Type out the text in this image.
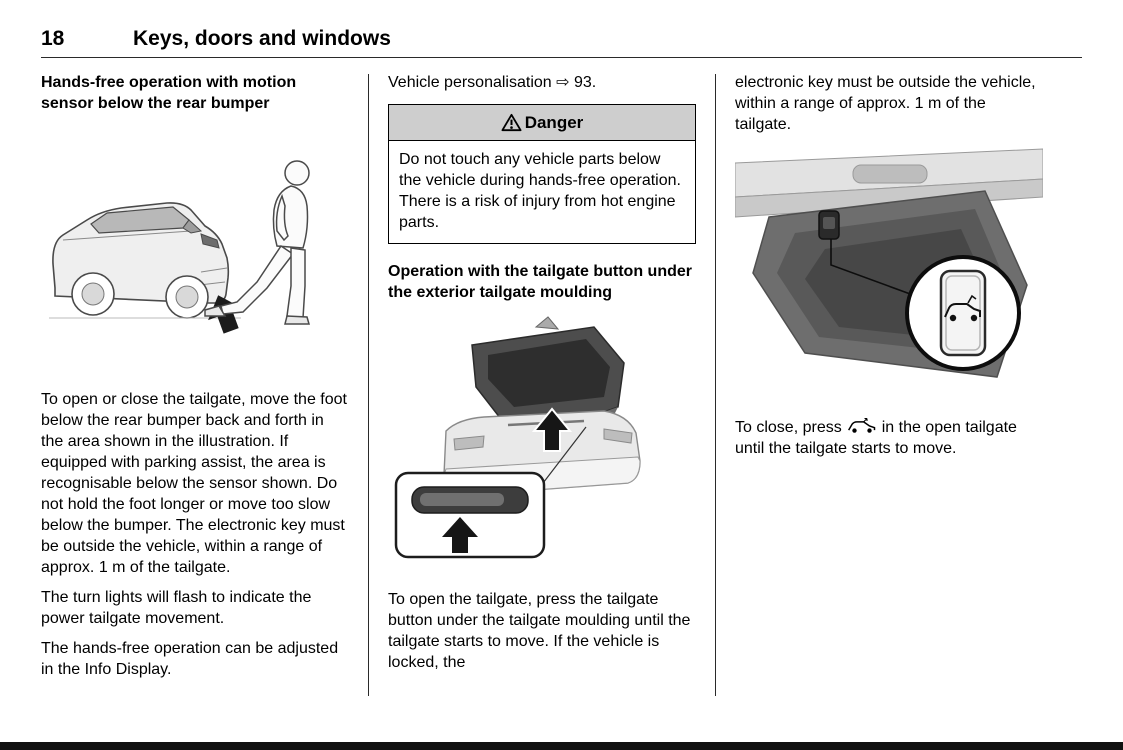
18	Keys, doors and windows
Hands-free operation with motion sensor below the rear bumper

To open or close the tailgate, move the foot below the rear bumper back and forth in the area shown in the illustration. If equipped with parking assist, the area is recognisable below the sensor shown. Do not hold the foot longer or move too slow below the bumper. The electronic key must be outside the vehicle, within a range of approx. 1 m of the tailgate.

The turn lights will flash to indicate the power tailgate movement.

The hands-free operation can be adjusted in the Info Display.

Vehicle personalisation ⇨ 93.

Danger
Do not touch any vehicle parts below the vehicle during hands-free operation. There is a risk of injury from hot engine parts.
Operation with the tailgate button under the exterior tailgate moulding

To open the tailgate, press the tailgate button under the tailgate moulding until the tailgate starts to move. If the vehicle is locked, the

electronic key must be outside the vehicle, within a range of approx. 1 m of the tailgate.

To close, press	in the open tailgate until the tailgate starts to move.
